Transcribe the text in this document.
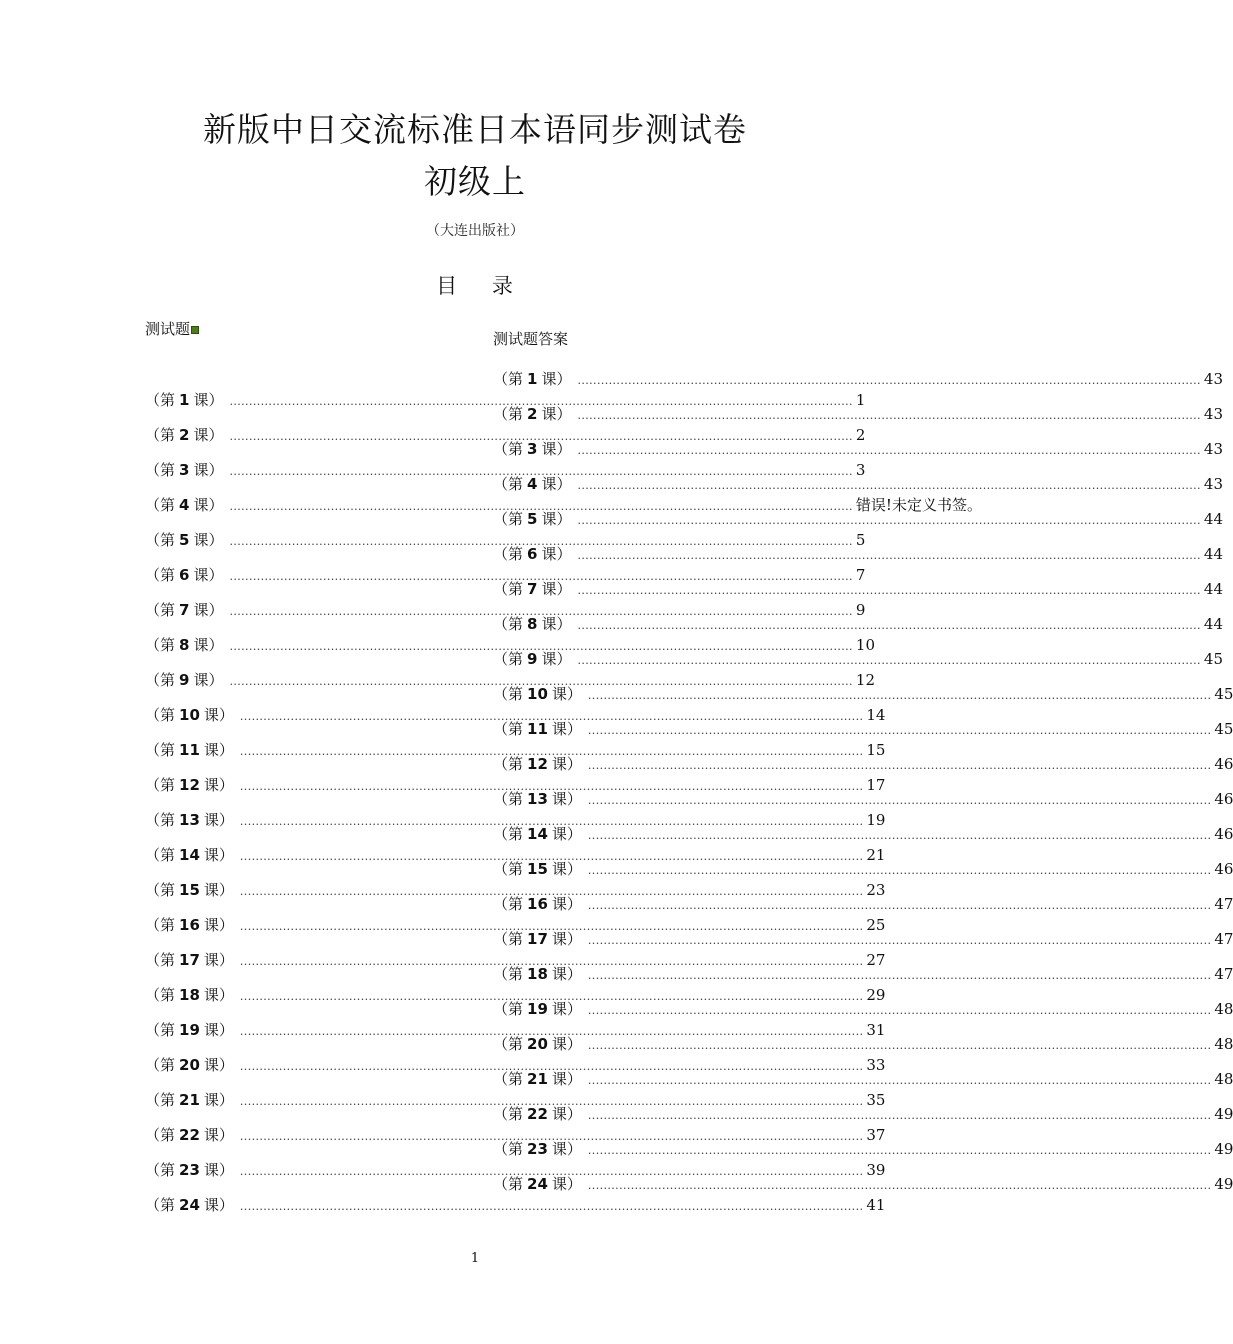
新版中日交流标准日本语同步测试卷
初级上
（大连出版社）
目 录
测试题
测试题答案
（第 1 课） ................................................................................................................................................................ 1
（第 2 课） ................................................................................................................................................................ 2
（第 3 课） ................................................................................................................................................................ 3
（第 4 课） ................................................................................................................................................................ 错误!未定义书签。
（第 5 课） ................................................................................................................................................................ 5
（第 6 课） ................................................................................................................................................................ 7
（第 7 课） ................................................................................................................................................................ 9
（第 8 课） ................................................................................................................................................................ 10
（第 9 课） ................................................................................................................................................................ 12
（第 10 课） ................................................................................................................................................................ 14
（第 11 课） ................................................................................................................................................................ 15
（第 12 课） ................................................................................................................................................................ 17
（第 13 课） ................................................................................................................................................................ 19
（第 14 课） ................................................................................................................................................................ 21
（第 15 课） ................................................................................................................................................................ 23
（第 16 课） ................................................................................................................................................................ 25
（第 17 课） ................................................................................................................................................................ 27
（第 18 课） ................................................................................................................................................................ 29
（第 19 课） ................................................................................................................................................................ 31
（第 20 课） ................................................................................................................................................................ 33
（第 21 课） ................................................................................................................................................................ 35
（第 22 课） ................................................................................................................................................................ 37
（第 23 课） ................................................................................................................................................................ 39
（第 24 课） ................................................................................................................................................................ 41
（第 1 课） ................................................................................................................................................................ 43
（第 2 课） ................................................................................................................................................................ 43
（第 3 课） ................................................................................................................................................................ 43
（第 4 课） ................................................................................................................................................................ 43
（第 5 课） ................................................................................................................................................................ 44
（第 6 课） ................................................................................................................................................................ 44
（第 7 课） ................................................................................................................................................................ 44
（第 8 课） ................................................................................................................................................................ 44
（第 9 课） ................................................................................................................................................................ 45
（第 10 课） ................................................................................................................................................................ 45
（第 11 课） ................................................................................................................................................................ 45
（第 12 课） ................................................................................................................................................................ 46
（第 13 课） ................................................................................................................................................................ 46
（第 14 课） ................................................................................................................................................................ 46
（第 15 课） ................................................................................................................................................................ 46
（第 16 课） ................................................................................................................................................................ 47
（第 17 课） ................................................................................................................................................................ 47
（第 18 课） ................................................................................................................................................................ 47
（第 19 课） ................................................................................................................................................................ 48
（第 20 课） ................................................................................................................................................................ 48
（第 21 课） ................................................................................................................................................................ 48
（第 22 课） ................................................................................................................................................................ 49
（第 23 课） ................................................................................................................................................................ 49
（第 24 课） ................................................................................................................................................................ 49
1
